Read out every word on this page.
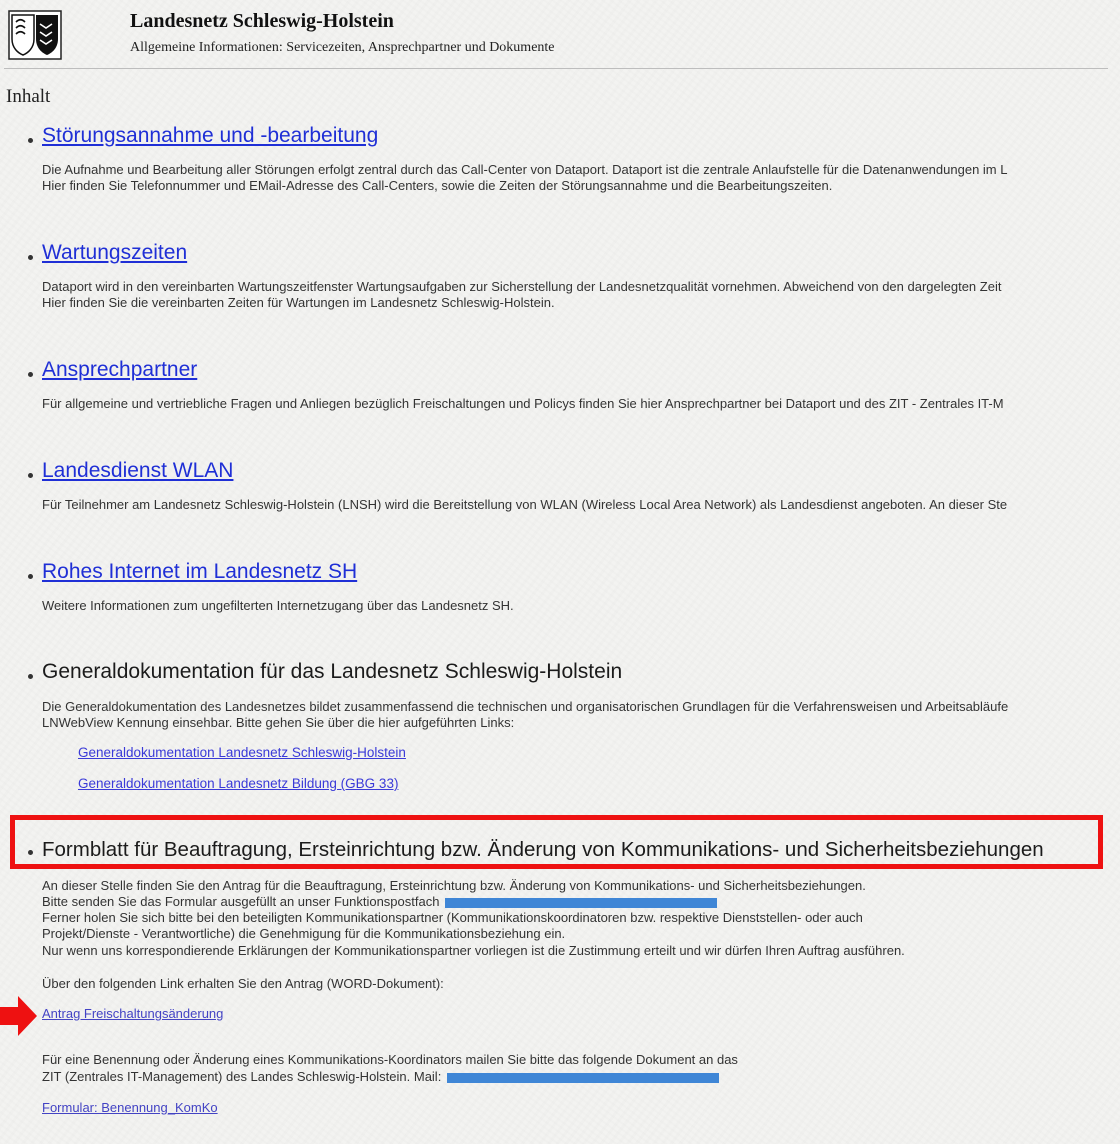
Landesnetz Schleswig-Holstein
Allgemeine Informationen: Servicezeiten, Ansprechpartner und Dokumente
Inhalt
Störungsannahme und -bearbeitung
Die Aufnahme und Bearbeitung aller Störungen erfolgt zentral durch das Call-Center von Dataport. Dataport ist die zentrale Anlaufstelle für die Datenanwendungen im L
Hier finden Sie Telefonnummer und EMail-Adresse des Call-Centers, sowie die Zeiten der Störungsannahme und die Bearbeitungszeiten.
Wartungszeiten
Dataport wird in den vereinbarten Wartungszeitfenster Wartungsaufgaben zur Sicherstellung der Landesnetzqualität vornehmen. Abweichend von den dargelegten Zeit
Hier finden Sie die vereinbarten Zeiten für Wartungen im Landesnetz Schleswig-Holstein.
Ansprechpartner
Für allgemeine und vertriebliche Fragen und Anliegen bezüglich Freischaltungen und Policys finden Sie hier Ansprechpartner bei Dataport und des ZIT - Zentrales IT-M
Landesdienst WLAN
Für Teilnehmer am Landesnetz Schleswig-Holstein (LNSH) wird die Bereitstellung von WLAN (Wireless Local Area Network) als Landesdienst angeboten. An dieser Ste
Rohes Internet im Landesnetz SH
Weitere Informationen zum ungefilterten Internetzugang über das Landesnetz SH.
Generaldokumentation für das Landesnetz Schleswig-Holstein
Die Generaldokumentation des Landesnetzes bildet zusammenfassend die technischen und organisatorischen Grundlagen für die Verfahrensweisen und Arbeitsabläufe
LNWebView Kennung einsehbar. Bitte gehen Sie über die hier aufgeführten Links:
Generaldokumentation Landesnetz Schleswig-Holstein
Generaldokumentation Landesnetz Bildung (GBG 33)
Formblatt für Beauftragung, Ersteinrichtung bzw. Änderung von Kommunikations- und Sicherheitsbeziehungen
An dieser Stelle finden Sie den Antrag für die Beauftragung, Ersteinrichtung bzw. Änderung von Kommunikations- und Sicherheitsbeziehungen.
Bitte senden Sie das Formular ausgefüllt an unser Funktionspostfach
Ferner holen Sie sich bitte bei den beteiligten Kommunikationspartner (Kommunikationskoordinatoren bzw. respektive Dienststellen- oder auch
Projekt/Dienste - Verantwortliche) die Genehmigung für die Kommunikationsbeziehung ein.
Nur wenn uns korrespondierende Erklärungen der Kommunikationspartner vorliegen ist die Zustimmung erteilt und wir dürfen Ihren Auftrag ausführen.
Über den folgenden Link erhalten Sie den Antrag (WORD-Dokument):
Antrag Freischaltungsänderung
Für eine Benennung oder Änderung eines Kommunikations-Koordinators mailen Sie bitte das folgende Dokument an das
ZIT (Zentrales IT-Management) des Landes Schleswig-Holstein. Mail:
Formular: Benennung_KomKo
